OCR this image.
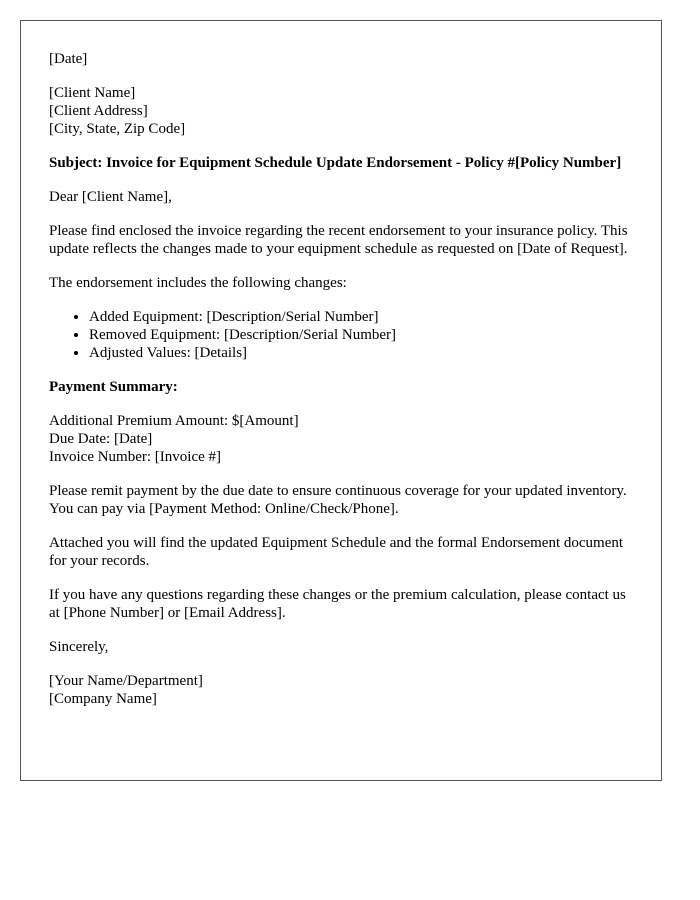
[Date]
[Client Name]
[Client Address]
[City, State, Zip Code]

Subject: Invoice for Equipment Schedule Update Endorsement - Policy #[Policy Number]

Dear [Client Name],

Please find enclosed the invoice regarding the recent endorsement to your insurance policy. This update reflects the changes made to your equipment schedule as requested on [Date of Request].

The endorsement includes the following changes:

• Added Equipment: [Description/Serial Number]
• Removed Equipment: [Description/Serial Number]
• Adjusted Values: [Details]

Payment Summary:

Additional Premium Amount: $[Amount]
Due Date: [Date]
Invoice Number: [Invoice #]

Please remit payment by the due date to ensure continuous coverage for your updated inventory. You can pay via [Payment Method: Online/Check/Phone].

Attached you will find the updated Equipment Schedule and the formal Endorsement document for your records.

If you have any questions regarding these changes or the premium calculation, please contact us at [Phone Number] or [Email Address].

Sincerely,

[Your Name/Department]
[Company Name]
